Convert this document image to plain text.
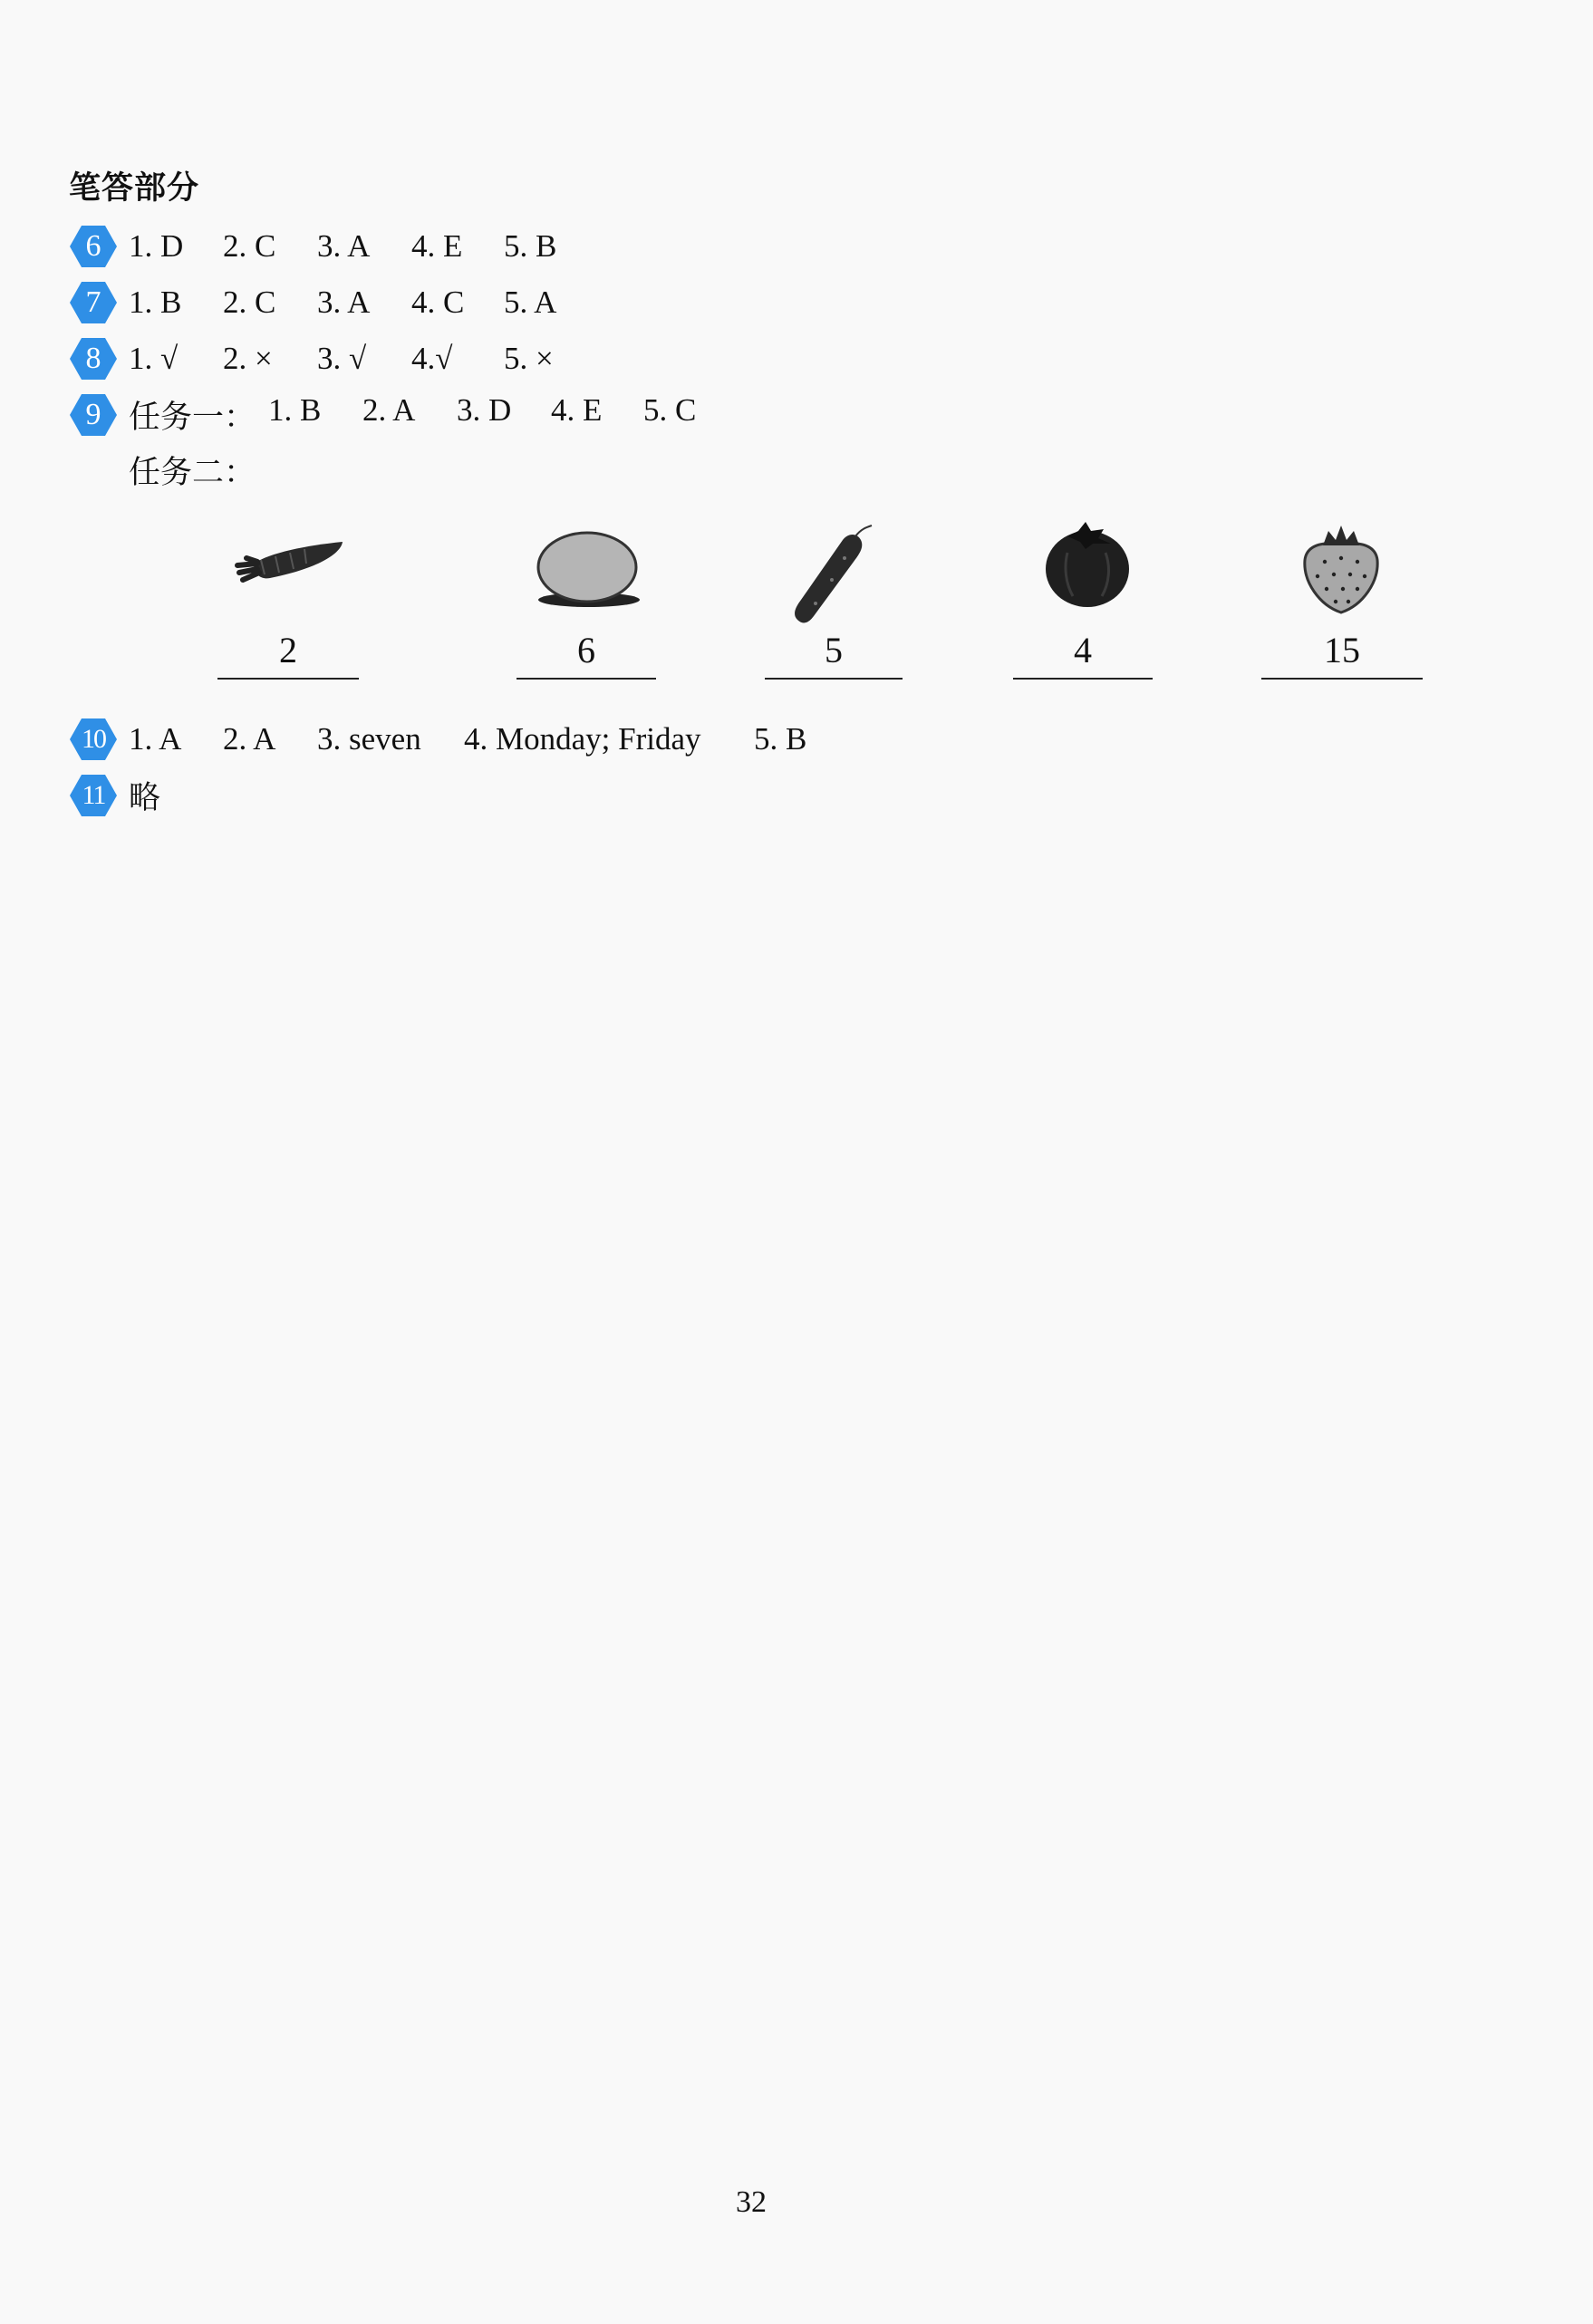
笔答部分
6 1. D	2. C	3. A	4. E	5. B
7 1. B	2. C	3. A	4. C	5. A
8 1. √	2. ×	3. √	4.√	5. ×
9 任务一： 1. B	2. A	3. D	4. E	5. C
任务二：
2	6	5	4	15
10 1. A	2. A	3. seven	4. Monday; Friday	5. B
11 略
32
